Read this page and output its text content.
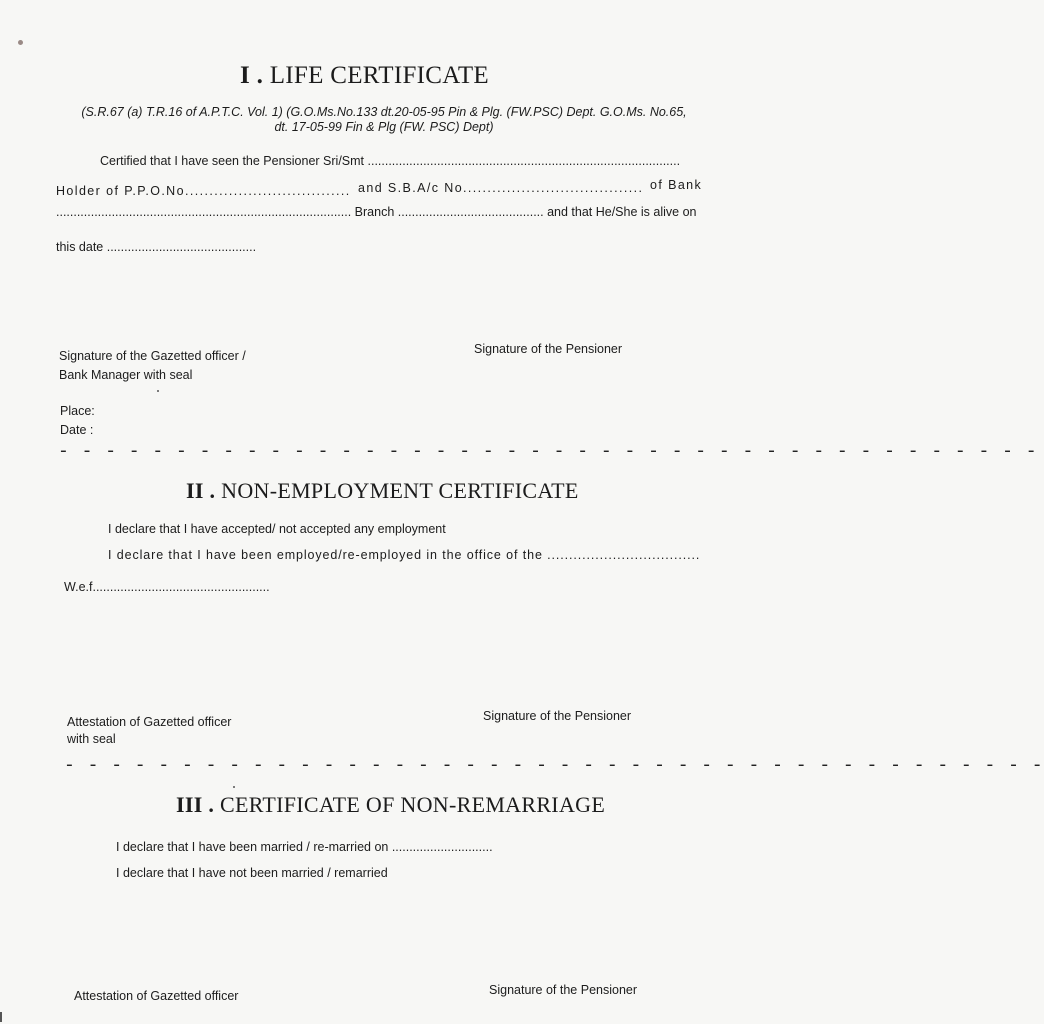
I . LIFE CERTIFICATE
(S.R.67 (a) T.R.16 of A.P.T.C. Vol. 1) (G.O.Ms.No.133 dt.20-05-95 Pin & Plg. (FW.PSC) Dept. G.O.Ms. No.65,
dt. 17-05-99 Fin & Plg (FW. PSC) Dept)
Certified that I have seen the Pensioner Sri/Smt ..........................................................................................
Holder of P.P.O.No.................................. and S.B.A/c No..................................... of Bank
..................................................................................... Branch .......................................... and that He/She is alive on
this date ...........................................
Signature of the Gazetted officer /
Bank Manager with seal
Signature of the Pensioner
Place:
Date :
- - - - - - - - - - - - - - - - - - - - - - - - - - - - - - - - - - - - - - - - - -
II . NON-EMPLOYMENT CERTIFICATE
I declare that I have accepted/ not accepted any employment
I declare that I have been employed/re-employed in the office of the ...................................
W.e.f...................................................
Attestation of Gazetted officer
with seal
Signature of the Pensioner
- - - - - - - - - - - - - - - - - - - - - - - - - - - - - - - - - - - - - - - - - -
III . CERTIFICATE OF NON-REMARRIAGE
I declare that I have been married / re-married on .............................
I declare that I have not been married / remarried
Attestation of Gazetted officer	Signature of the Pensioner
